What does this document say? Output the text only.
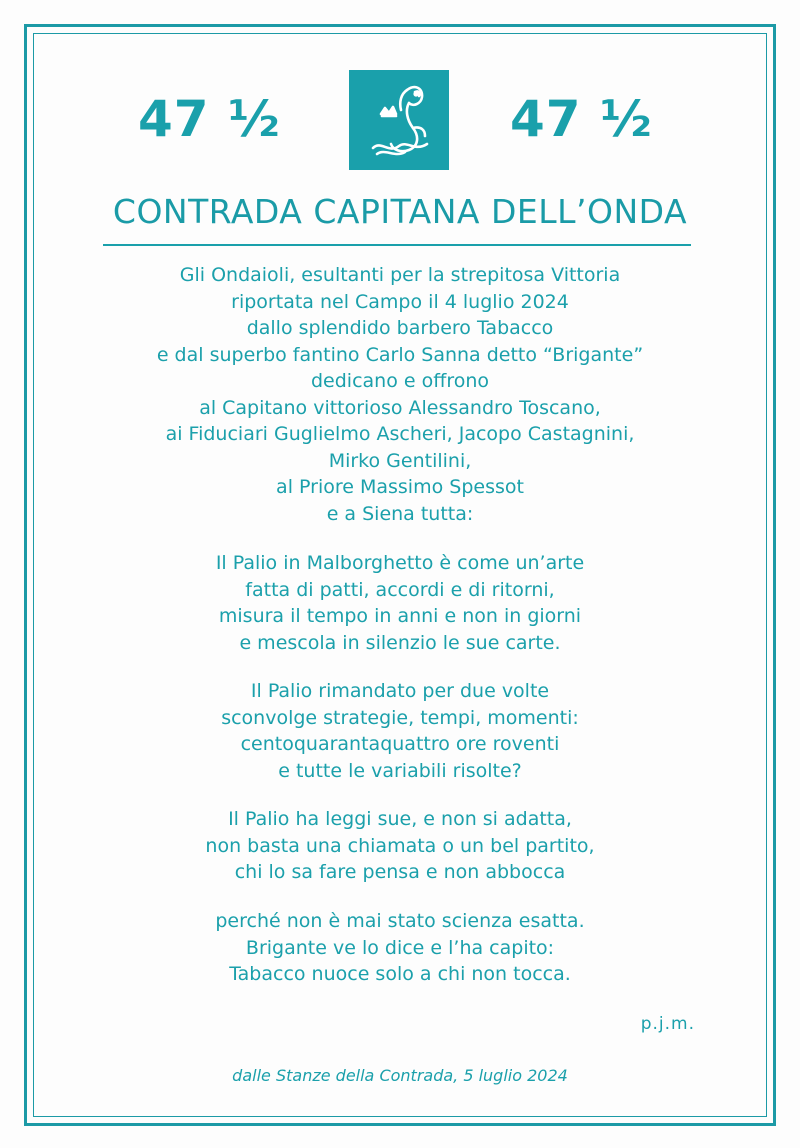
47 ½	47 ½
CONTRADA CAPITANA DELL’ONDA
Gli Ondaioli, esultanti per la strepitosa Vittoria
riportata nel Campo il 4 luglio 2024
dallo splendido barbero Tabacco
e dal superbo fantino Carlo Sanna detto “Brigante”
dedicano e offrono
al Capitano vittorioso Alessandro Toscano,
ai Fiduciari Guglielmo Ascheri, Jacopo Castagnini,
Mirko Gentilini,
al Priore Massimo Spessot
e a Siena tutta:
Il Palio in Malborghetto è come un’arte
fatta di patti, accordi e di ritorni,
misura il tempo in anni e non in giorni
e mescola in silenzio le sue carte.
Il Palio rimandato per due volte
sconvolge strategie, tempi, momenti:
centoquarantaquattro ore roventi
e tutte le variabili risolte?
Il Palio ha leggi sue, e non si adatta,
non basta una chiamata o un bel partito,
chi lo sa fare pensa e non abbocca
perché non è mai stato scienza esatta.
Brigante ve lo dice e l’ha capito:
Tabacco nuoce solo a chi non tocca.
p.j.m.
dalle Stanze della Contrada, 5 luglio 2024
